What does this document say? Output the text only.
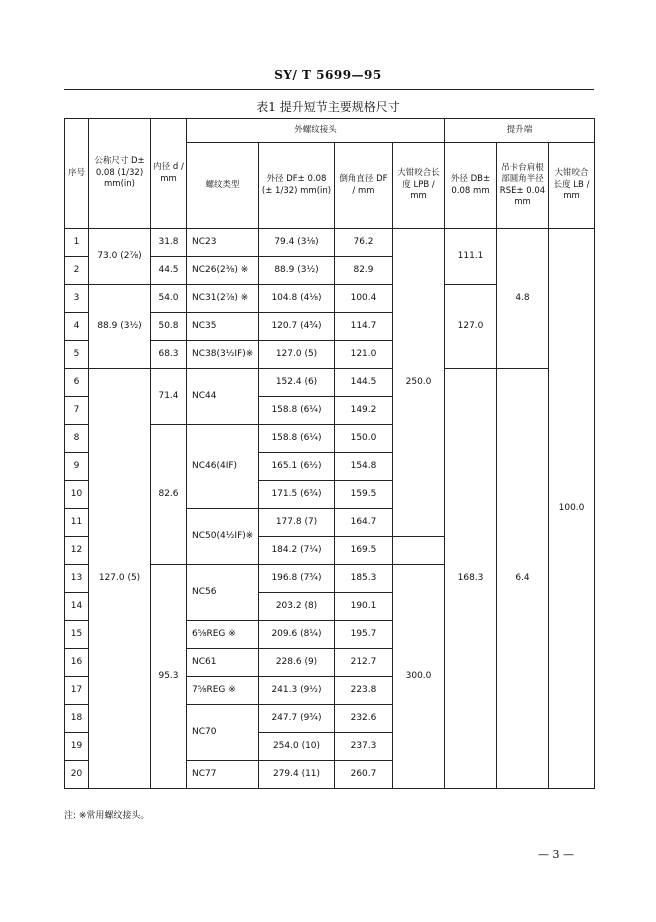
SY/ T 5699—95
表1 提升短节主要规格尺寸
序号	公称尺寸 D± 0.08 (1/32) mm(in)	内径 d / mm	外螺纹接头				提升端		
			螺纹类型	外径 DF± 0.08 (± 1/32) mm(in)	倒角直径 DF / mm	大钳咬合长度 LPB / mm	外径 DB± 0.08 mm	吊卡台肩根部圆角半径 RSE± 0.04 mm	大钳咬合长度 LB / mm
1	73.0 (2⅞)	31.8	NC23	79.4 (3⅛)	76.2	250.0	111.1	4.8	100.0
2		44.5	NC26(2⅜) ※	88.9 (3½)	82.9				
3	88.9 (3½)	54.0	NC31(2⅞) ※	104.8 (4⅛)	100.4		127.0		
4		50.8	NC35	120.7 (4¾)	114.7				
5		68.3	NC38(3½IF)※	127.0 (5)	121.0				
6	127.0 (5)	71.4	NC44	152.4 (6)	144.5		168.3	6.4	
7				158.8 (6¼)	149.2				
8		82.6	NC46(4IF)	158.8 (6¼)	150.0				
9				165.1 (6½)	154.8				
10				171.5 (6¾)	159.5				
11			NC50(4½IF)※	177.8 (7)	164.7				
12				184.2 (7¼)	169.5				
13		95.3	NC56	196.8 (7¾)	185.3	300.0			
14				203.2 (8)	190.1				
15			6⅝REG ※	209.6 (8¼)	195.7				
16			NC61	228.6 (9)	212.7				
17			7⅝REG ※	241.3 (9½)	223.8				
18			NC70	247.7 (9¾)	232.6				
19				254.0 (10)	237.3				
20			NC77	279.4 (11)	260.7				
注: ※常用螺纹接头。
— 3 —
